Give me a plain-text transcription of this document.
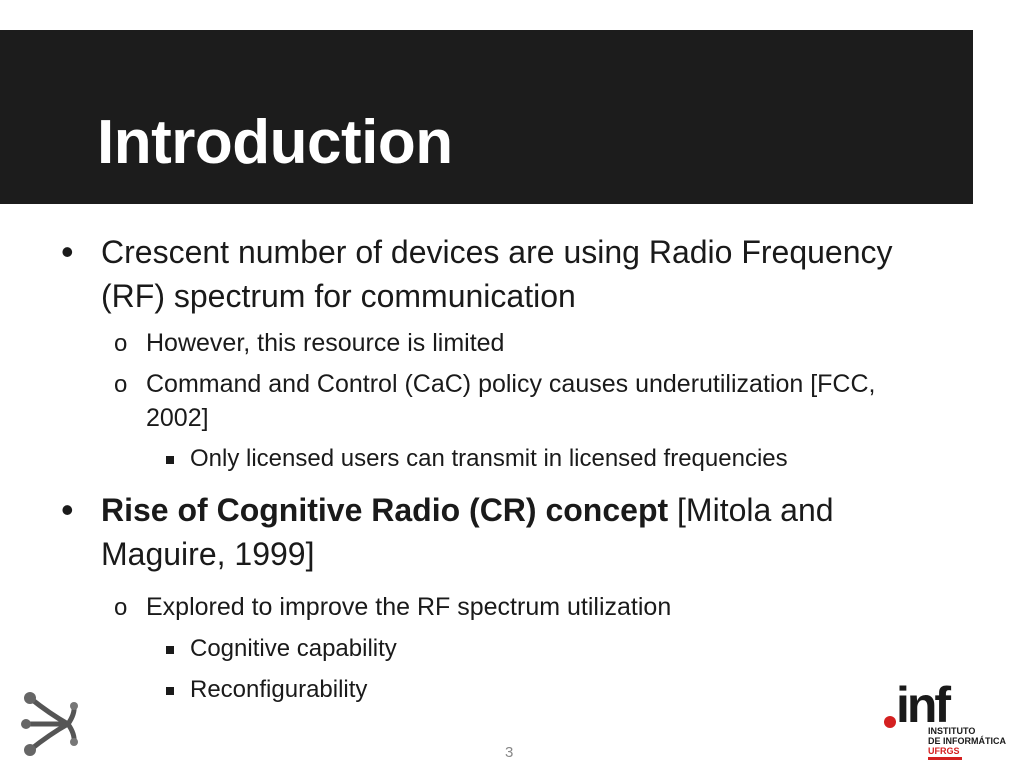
Introduction
• Crescent number of devices are using Radio Frequency (RF) spectrum for communication
o However, this resource is limited
o Command and Control (CaC) policy causes underutilization [FCC, 2002]
Only licensed users can transmit in licensed frequencies
• Rise of Cognitive Radio (CR) concept [Mitola and Maguire, 1999]
o Explored to improve the RF spectrum utilization
Cognitive capability
Reconfigurability	inf
INSTITUTO
DE INFORMÁTICA
UFRGS
3
